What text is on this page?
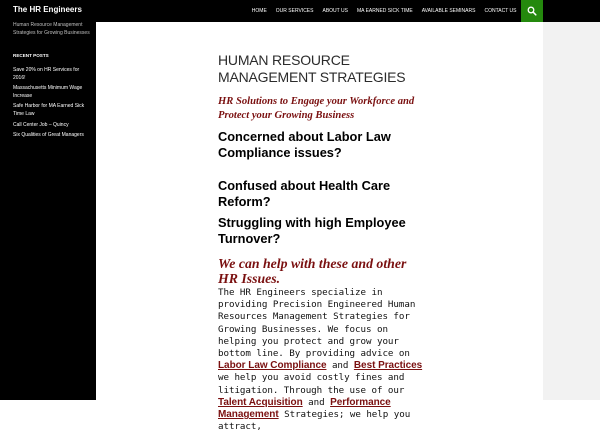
The HR Engineers	HOME	OUR SERVICES	ABOUT US	MA EARNED SICK TIME	AVAILABLE SEMINARS	CONTACT US
Human Resource Management Strategies for Growing Businesses
RECENT POSTS
Save 20% on HR Services for 2016!
Massachusetts Minimum Wage Increase
Safe Harbor for MA Earned Sick Time Law
Call Center Job – Quincy
Six Qualities of Great Managers
HUMAN RESOURCE MANAGEMENT STRATEGIES
HR Solutions to Engage your Workforce and Protect your Growing Business
Concerned about Labor Law Compliance issues?
Confused about Health Care Reform?
Struggling with high Employee Turnover?
We can help with these and other HR Issues.
The HR Engineers specialize in providing Precision Engineered Human Resources Management Strategies for Growing Businesses. We focus on helping you protect and grow your bottom line. By providing advice on Labor Law Compliance and Best Practices we help you avoid costly fines and litigation. Through the use of our Talent Acquisition and Performance Management Strategies; we help you attract,
